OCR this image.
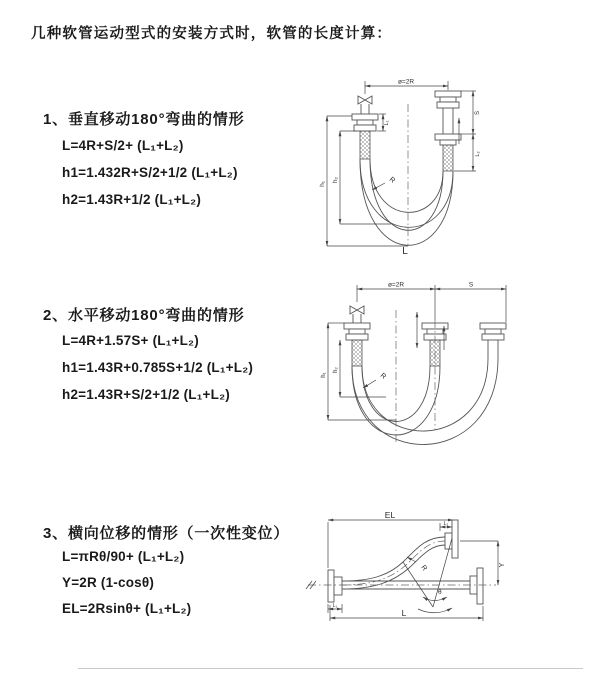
几种软管运动型式的安装方式时，软管的长度计算：
1、垂直移动180°弯曲的情形
L=4R+S/2+ (L₁+L₂)
h1=1.432R+S/2+1/2 (L₁+L₂)
h2=1.43R+1/2 (L₁+L₂)
2、水平移动180°弯曲的情形
L=4R+1.57S+ (L₁+L₂)
h1=1.43R+0.785S+1/2 (L₁+L₂)
h2=1.43R+S/2+1/2 (L₁+L₂)
3、横向位移的情形（一次性变位）
L=πRθ/90+ (L₁+L₂)
Y=2R (1-cosθ)
EL=2Rsinθ+ (L₁+L₂)
ø=2R
h₁
h₂
L₁
S
L₂
R
L
ø=2R	S
h₁
h₂
R
EL
L₂
Y
θ
R
L₁
L
